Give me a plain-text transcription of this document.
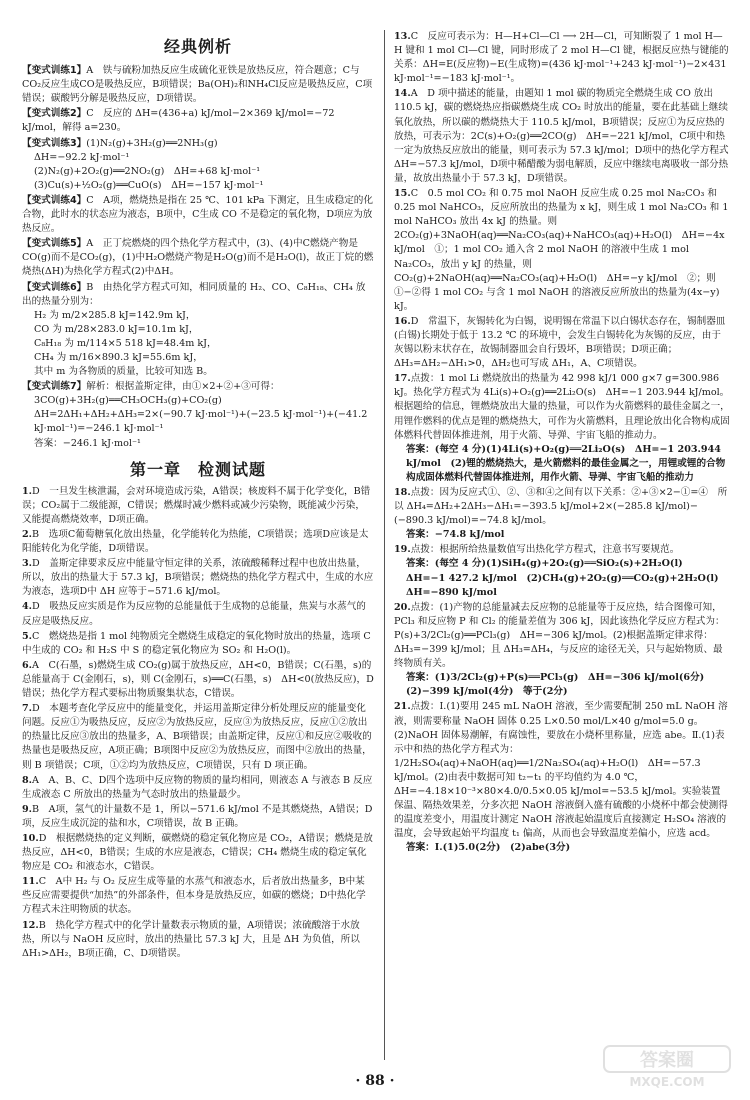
经典例析

【变式训练1】A　铁与硫粉加热反应生成硫化亚铁是放热反应，符合题意；C与CO₂反应生成CO是吸热反应，B项错误；Ba(OH)₂和NH₄Cl反应是吸热反应，C项错误；碳酸钙分解是吸热反应，D项错误。

【变式训练2】C　反应的 ΔH=(436+a) kJ/mol−2×369 kJ/mol=−72 kJ/mol，解得 a=230。

【变式训练3】(1)N₂(g)+3H₂(g)══2NH₃(g)

ΔH=−92.2 kJ·mol⁻¹

(2)N₂(g)+2O₂(g)══2NO₂(g)　ΔH=+68 kJ·mol⁻¹

(3)Cu(s)+½O₂(g)══CuO(s)　ΔH=−157 kJ·mol⁻¹

【变式训练4】C　A项，燃烧热是指在 25 ℃、101 kPa 下测定，且生成稳定的化合物，此时水的状态应为液态，B项中，C生成 CO 不是稳定的氧化物，D项应为放热反应。

【变式训练5】A　正丁烷燃烧的四个热化学方程式中，(3)、(4)中C燃烧产物是CO(g)而不是CO₂(g)，(1)中H₂O燃烧产物是H₂O(g)而不是H₂O(l)，故正丁烷的燃烧热(ΔH)为热化学方程式(2)中ΔH。

【变式训练6】B　由热化学方程式可知，相同质量的 H₂、CO、C₈H₁₈、CH₄ 放出的热量分别为：

H₂ 为 m/2×285.8 kJ=142.9m kJ，

CO 为 m/28×283.0 kJ=10.1m kJ，

C₈H₁₈ 为 m/114×5 518 kJ=48.4m kJ，

CH₄ 为 m/16×890.3 kJ=55.6m kJ，

其中 m 为各物质的质量，比较可知选 B。

【变式训练7】解析：根据盖斯定律，由①×2+②+③可得：

3CO(g)+3H₂(g)══CH₃OCH₃(g)+CO₂(g)　ΔH=2ΔH₁+ΔH₂+ΔH₃=2×(−90.7 kJ·mol⁻¹)+(−23.5 kJ·mol⁻¹)+(−41.2 kJ·mol⁻¹)=−246.1 kJ·mol⁻¹

答案：−246.1 kJ·mol⁻¹

第一章　检测试题

1.D　一旦发生核泄漏，会对环境造成污染，A错误；核废料不属于化学变化，B错误；CO₂属于二级能源，C错误；燃煤时减少燃料或减少污染物，既能减少污染，又能提高燃烧效率，D项正确。

2.B　选项C葡萄糖氧化放出热量，化学能转化为热能，C项错误；选项D应该是太阳能转化为化学能，D项错误。

3.D　盖斯定律要求反应中能量守恒定律的关系，浓硫酸稀释过程中也放出热量，所以，放出的热量大于 57.3 kJ，B项错误；燃烧热的热化学方程式中，生成的水应为液态，选项D中 ΔH 应等于−571.6 kJ/mol。

4.D　吸热反应实质是作为反应物的总能量低于生成物的总能量，焦炭与水蒸气的反应是吸热反应。

5.C　燃烧热是指 1 mol 纯物质完全燃烧生成稳定的氧化物时放出的热量，选项 C 中生成的 CO₂ 和 H₂S 中 S 的稳定氧化物应为 SO₂ 和 H₂O(l)。

6.A　C(石墨，s)燃烧生成 CO₂(g)属于放热反应，ΔH<0，B错误；C(石墨，s)的总能量高于 C(金刚石，s)，则 C(金刚石，s)══C(石墨，s)　ΔH<0(放热反应)，D错误；热化学方程式要标出物质聚集状态，C错误。

7.D　本题考查化学反应中的能量变化，并运用盖斯定律分析处理反应的能量变化问题。反应①为吸热反应，反应②为放热反应，反应③为放热反应，反应①②放出的热量比反应③放出的热量多，A、B项错误；由盖斯定律，反应①和反应②吸收的热量也是吸热反应，A项正确；B项图中反应②为放热反应，而图中②放出的热量，则 B 项错误；C项，①②均为放热反应，C项错误，只有 D 项正确。

8.A　A、B、C、D四个选项中反应物的物质的量均相同，则液态 A 与液态 B 反应生成液态 C 所放出的热量为气态时放出的热量最少。

9.B　A项，氢气的计量数不是 1，所以−571.6 kJ/mol 不是其燃烧热，A错误；D项，反应生成沉淀的盐和水，C项错误，故 B 正确。

10.D　根据燃烧热的定义判断，碳燃烧的稳定氧化物应是 CO₂，A错误；燃烧是放热反应，ΔH<0，B错误；生成的水应是液态，C错误；CH₄ 燃烧生成的稳定氧化物应是 CO₂ 和液态水，C错误。

11.C　A中 H₂ 与 O₂ 反应生成等量的水蒸气和液态水，后者放出热量多，B中某些反应需要提供“加热”的外部条件，但本身是放热反应，如碳的燃烧；D中热化学方程式未注明物质的状态。

12.B　热化学方程式中的化学计量数表示物质的量，A项错误；浓硫酸溶于水放热，所以与 NaOH 反应时，放出的热量比 57.3 kJ 大，且是 ΔH 为负值，所以 ΔH₁>ΔH₂，B项正确，C、D项错误。

13.C　反应可表示为：H—H+Cl—Cl ⟶ 2H—Cl，可知断裂了 1 mol H—H 键和 1 mol Cl—Cl 键，同时形成了 2 mol H—Cl 键，根据反应热与键能的关系：ΔH=E(反应物)−E(生成物)=(436 kJ·mol⁻¹+243 kJ·mol⁻¹)−2×431 kJ·mol⁻¹=−183 kJ·mol⁻¹。

14.A　D 项中描述的能量，由题知 1 mol 碳的物质完全燃烧生成 CO 放出 110.5 kJ，碳的燃烧热应指碳燃烧生成 CO₂ 时放出的能量，要在此基础上继续氧化放热，所以碳的燃烧热大于 110.5 kJ/mol，B项错误；反应①为反应热的放热，可表示为：2C(s)+O₂(g)══2CO(g)　ΔH=−221 kJ/mol，C项中和热一定为放热反应放出的能量，则可表示为 57.3 kJ/mol；D项中的热化学方程式 ΔH=−57.3 kJ/mol，D项中稀醋酸为弱电解质，反应中继续电离吸收一部分热量，故放出热量小于 57.3 kJ，D项错误。

15.C　0.5 mol CO₂ 和 0.75 mol NaOH 反应生成 0.25 mol Na₂CO₃ 和 0.25 mol NaHCO₃，反应所放出的热量为 x kJ，则生成 1 mol Na₂CO₃ 和 1 mol NaHCO₃ 放出 4x kJ 的热量。则 2CO₂(g)+3NaOH(aq)══Na₂CO₃(aq)+NaHCO₃(aq)+H₂O(l)　ΔH=−4x kJ/mol　①；1 mol CO₂ 通入含 2 mol NaOH 的溶液中生成 1 mol Na₂CO₃，放出 y kJ 的热量，则 CO₂(g)+2NaOH(aq)══Na₂CO₃(aq)+H₂O(l)　ΔH=−y kJ/mol　②；则①−②得 1 mol CO₂ 与含 1 mol NaOH 的溶液反应所放出的热量为(4x−y) kJ。

16.D　常温下，灰锡转化为白锡，说明锡在常温下以白锡状态存在，锡制器皿(白锡)长期处于低于 13.2 ℃ 的环境中，会发生白锡转化为灰锡的反应，由于灰锡以粉末状存在，故锡制器皿会自行毁坏，B项错误；D项正确；ΔH₃=ΔH₂−ΔH₁>0，ΔH₂也可写成 ΔH₁，A、C项错误。

17.点拨：1 mol Li 燃烧放出的热量为 42 998 kJ/1 000 g×7 g=300.986 kJ。热化学方程式为 4Li(s)+O₂(g)══2Li₂O(s)　ΔH=−1 203.944 kJ/mol。根据题给的信息，锂燃烧放出大量的热量，可以作为火箭燃料的最佳金属之一，用锂作燃料的优点是锂的燃烧热大，可作为火箭燃料，且理论放出化合物构成固体燃料代替固体推进剂，用于火箭、导弹、宇宙飞船的推动力。

答案：(每空 4 分)(1)4Li(s)+O₂(g)══2Li₂O(s)　ΔH=−1 203.944 kJ/mol　(2)锂的燃烧热大，是火箭燃料的最佳金属之一，用锂或锂的合物构成固体燃料代替固体推进剂，用作火箭、导弹、宇宙飞船的推动力

18.点拨：因为反应式①、②、③和④之间有以下关系：②+③×2−①=④　所以 ΔH₄=ΔH₂+2ΔH₃−ΔH₁=−393.5 kJ/mol+2×(−285.8 kJ/mol)−(−890.3 kJ/mol)=−74.8 kJ/mol。

答案：−74.8 kJ/mol

19.点拨：根据所给热量数值写出热化学方程式，注意书写要规范。

答案：(每空 4 分)(1)SiH₄(g)+2O₂(g)══SiO₂(s)+2H₂O(l)　ΔH=−1 427.2 kJ/mol　(2)CH₄(g)+2O₂(g)══CO₂(g)+2H₂O(l)　ΔH=−890 kJ/mol

20.点拨：(1)产物的总能量减去反应物的总能量等于反应热，结合图像可知，PCl₃ 和反应物 P 和 Cl₂ 的能量差值为 306 kJ，因此该热化学反应方程式为：P(s)+3/2Cl₂(g)══PCl₃(g)　ΔH=−306 kJ/mol。(2)根据盖斯定律求得：ΔH₃=−399 kJ/mol；且 ΔH₃=ΔH₄，与反应的途径无关，只与起始物质、最终物质有关。

答案：(1)3/2Cl₂(g)+P(s)══PCl₃(g)　ΔH=−306 kJ/mol(6分)　(2)−399 kJ/mol(4分)　等于(2分)

21.点拨：Ⅰ.(1)要用 245 mL NaOH 溶液，至少需要配制 250 mL NaOH 溶液，则需要称量 NaOH 固体 0.25 L×0.50 mol/L×40 g/mol=5.0 g。(2)NaOH 固体易潮解，有腐蚀性，要放在小烧杯里称量，应选 abe。Ⅱ.(1)表示中和热的热化学方程式为：1/2H₂SO₄(aq)+NaOH(aq)══1/2Na₂SO₄(aq)+H₂O(l)　ΔH=−57.3 kJ/mol。(2)由表中数据可知 t₂−t₁ 的平均值约为 4.0 ℃，ΔH=−4.18×10⁻³×80×4.0/0.5×0.05 kJ/mol=−53.5 kJ/mol。实验装置保温、隔热效果差，分多次把 NaOH 溶液倒入盛有硫酸的小烧杯中都会使测得的温度差变小，用温度计测定 NaOH 溶液起始温度后直接测定 H₂SO₄ 溶液的温度，会导致起始平均温度 t₁ 偏高，从而也会导致温度差偏小，应选 acd。

答案：Ⅰ.(1)5.0(2分)　(2)abe(3分)

· 88 ·
答案圈
MXQE.COM
